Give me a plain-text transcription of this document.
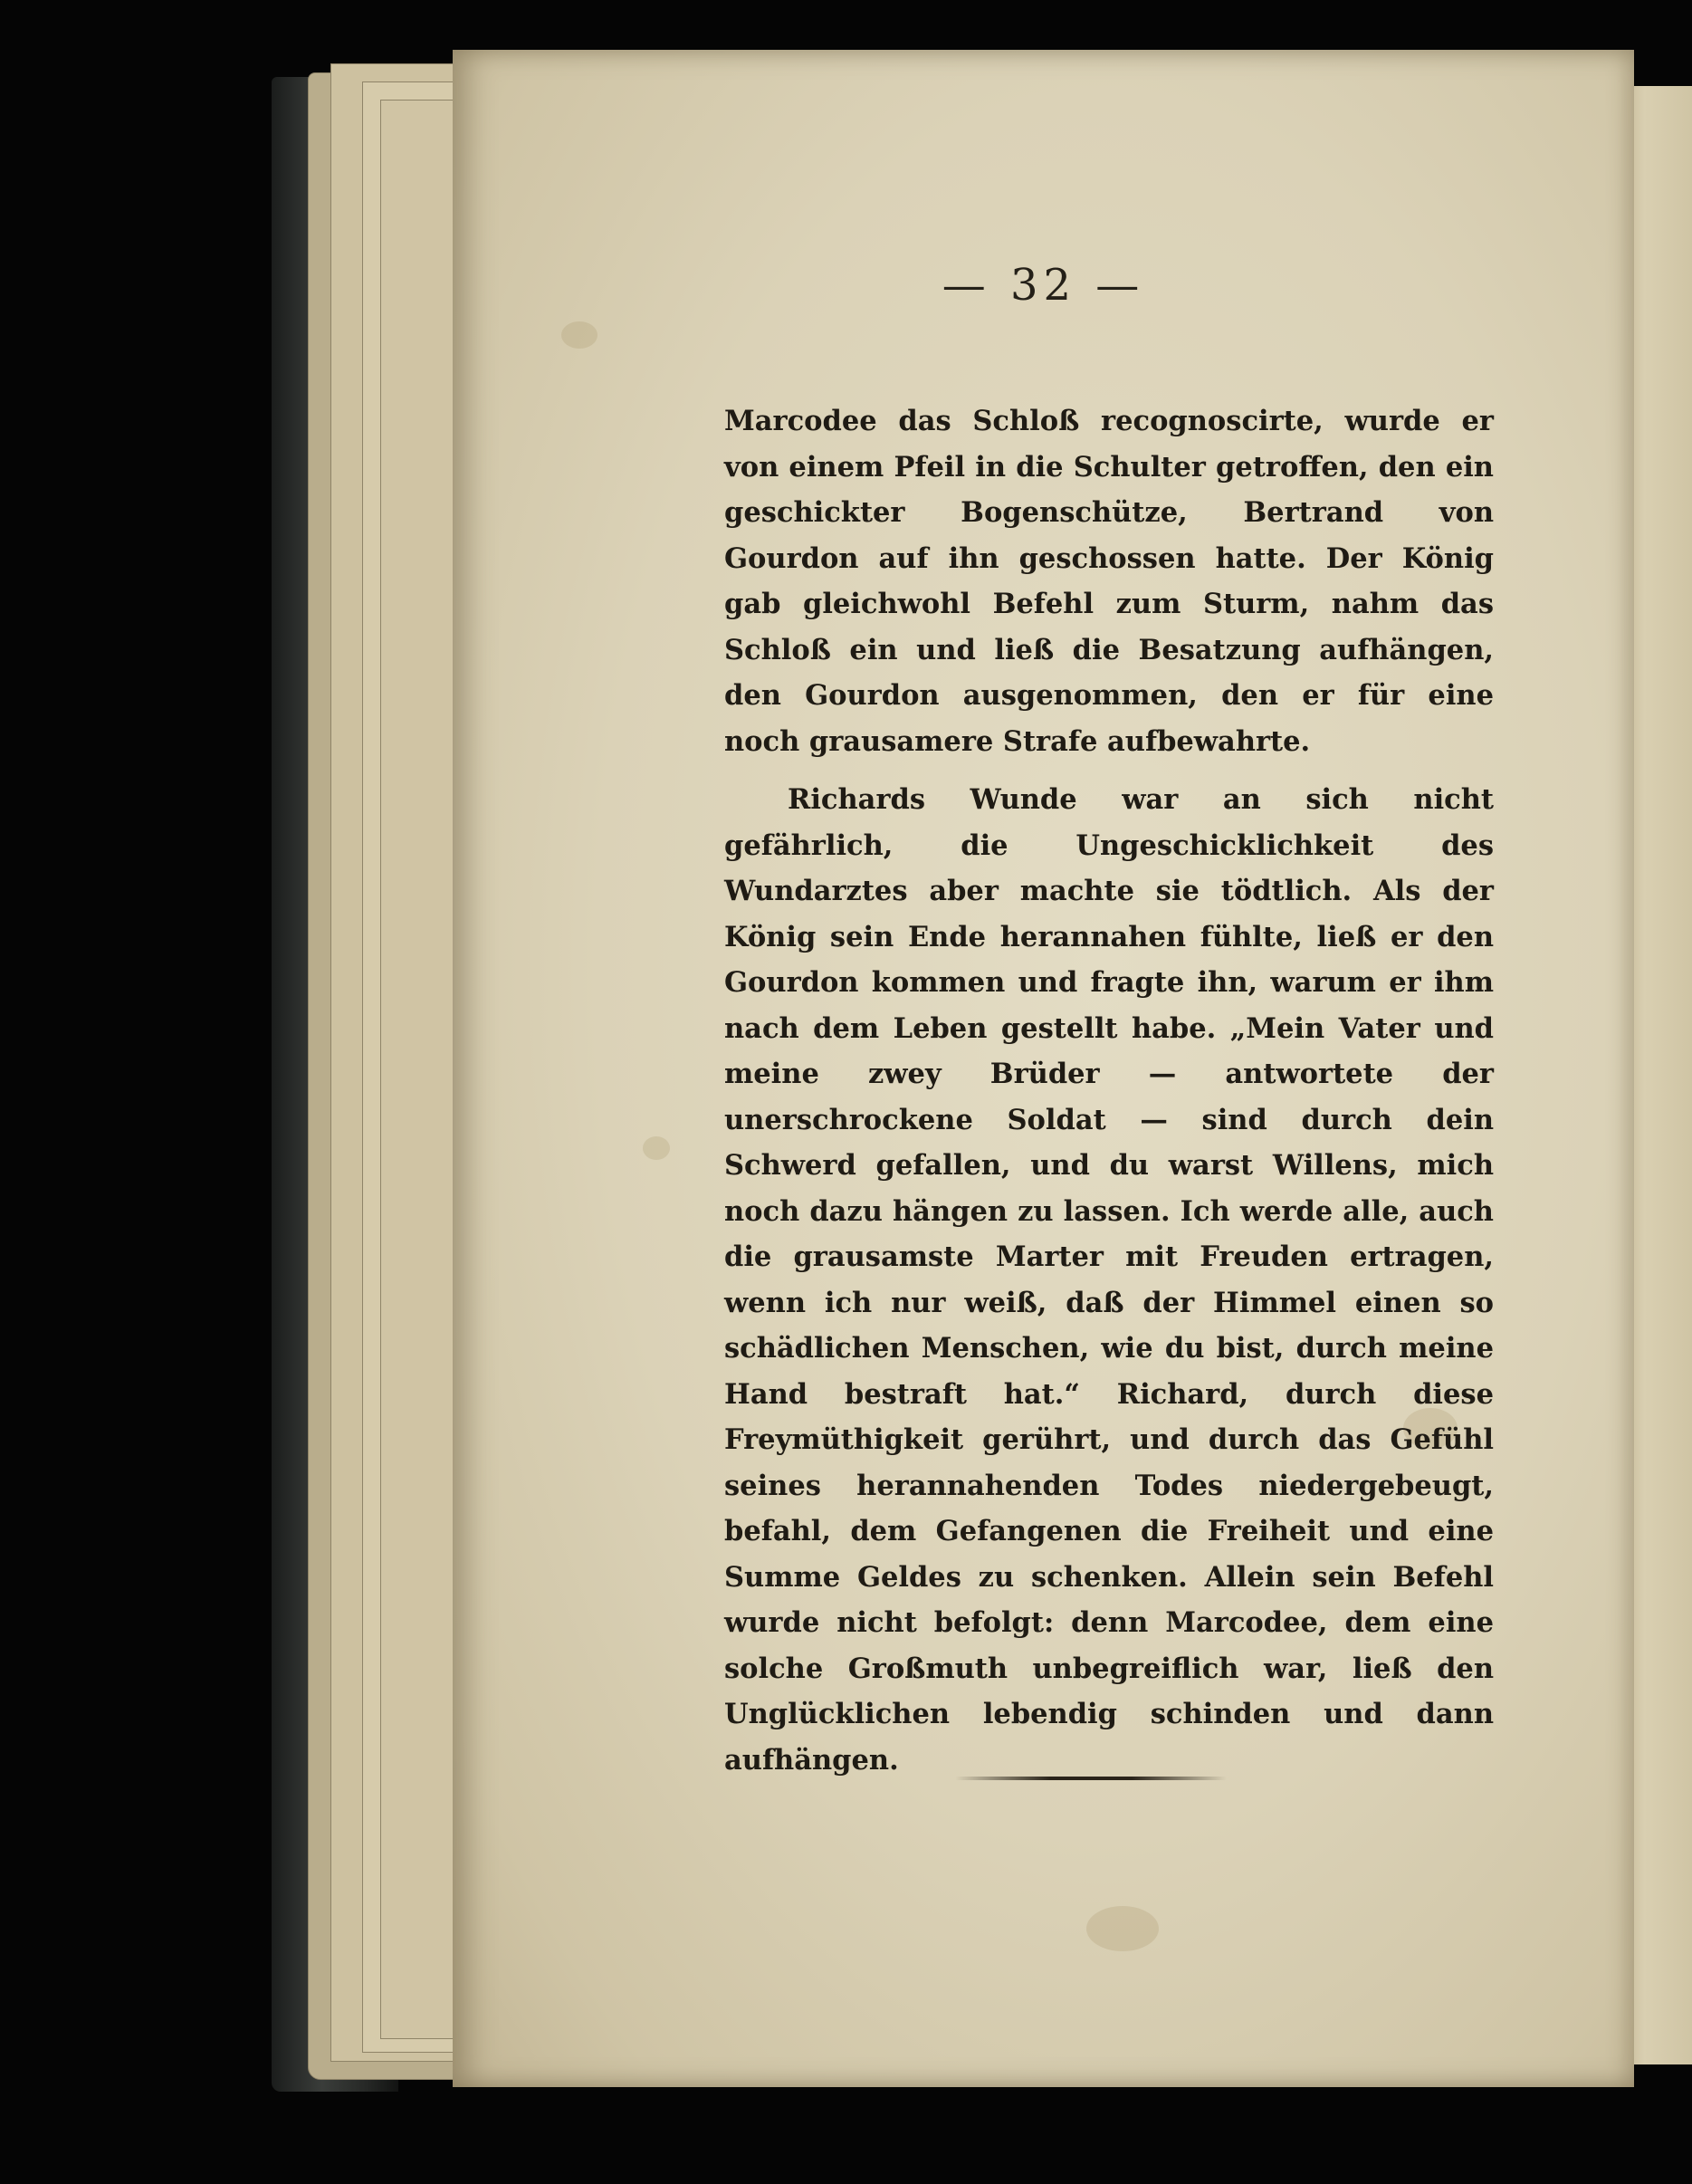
— 32 —

Marcodee das Schloß recognoscirte, wurde er von einem Pfeil in die Schulter getroffen, den ein geschickter Bogenschütze, Bertrand von Gourdon auf ihn geschossen hatte. Der König gab gleichwohl Befehl zum Sturm, nahm das Schloß ein und ließ die Besatzung aufhängen, den Gourdon ausgenommen, den er für eine noch grausamere Strafe aufbewahrte.

Richards Wunde war an sich nicht gefährlich, die Ungeschicklichkeit des Wundarztes aber machte sie tödtlich. Als der König sein Ende herannahen fühlte, ließ er den Gourdon kommen und fragte ihn, warum er ihm nach dem Leben gestellt habe. „Mein Vater und meine zwey Brüder — antwortete der unerschrockene Soldat — sind durch dein Schwerd gefallen, und du warst Willens, mich noch dazu hängen zu lassen. Ich werde alle, auch die grausamste Marter mit Freuden ertragen, wenn ich nur weiß, daß der Himmel einen so schädlichen Menschen, wie du bist, durch meine Hand bestraft hat.“ Richard, durch diese Freymüthigkeit gerührt, und durch das Gefühl seines herannahenden Todes niedergebeugt, befahl, dem Gefangenen die Freiheit und eine Summe Geldes zu schenken. Allein sein Befehl wurde nicht befolgt: denn Marcodee, dem eine solche Großmuth unbegreiflich war, ließ den Unglücklichen lebendig schinden und dann aufhängen.
